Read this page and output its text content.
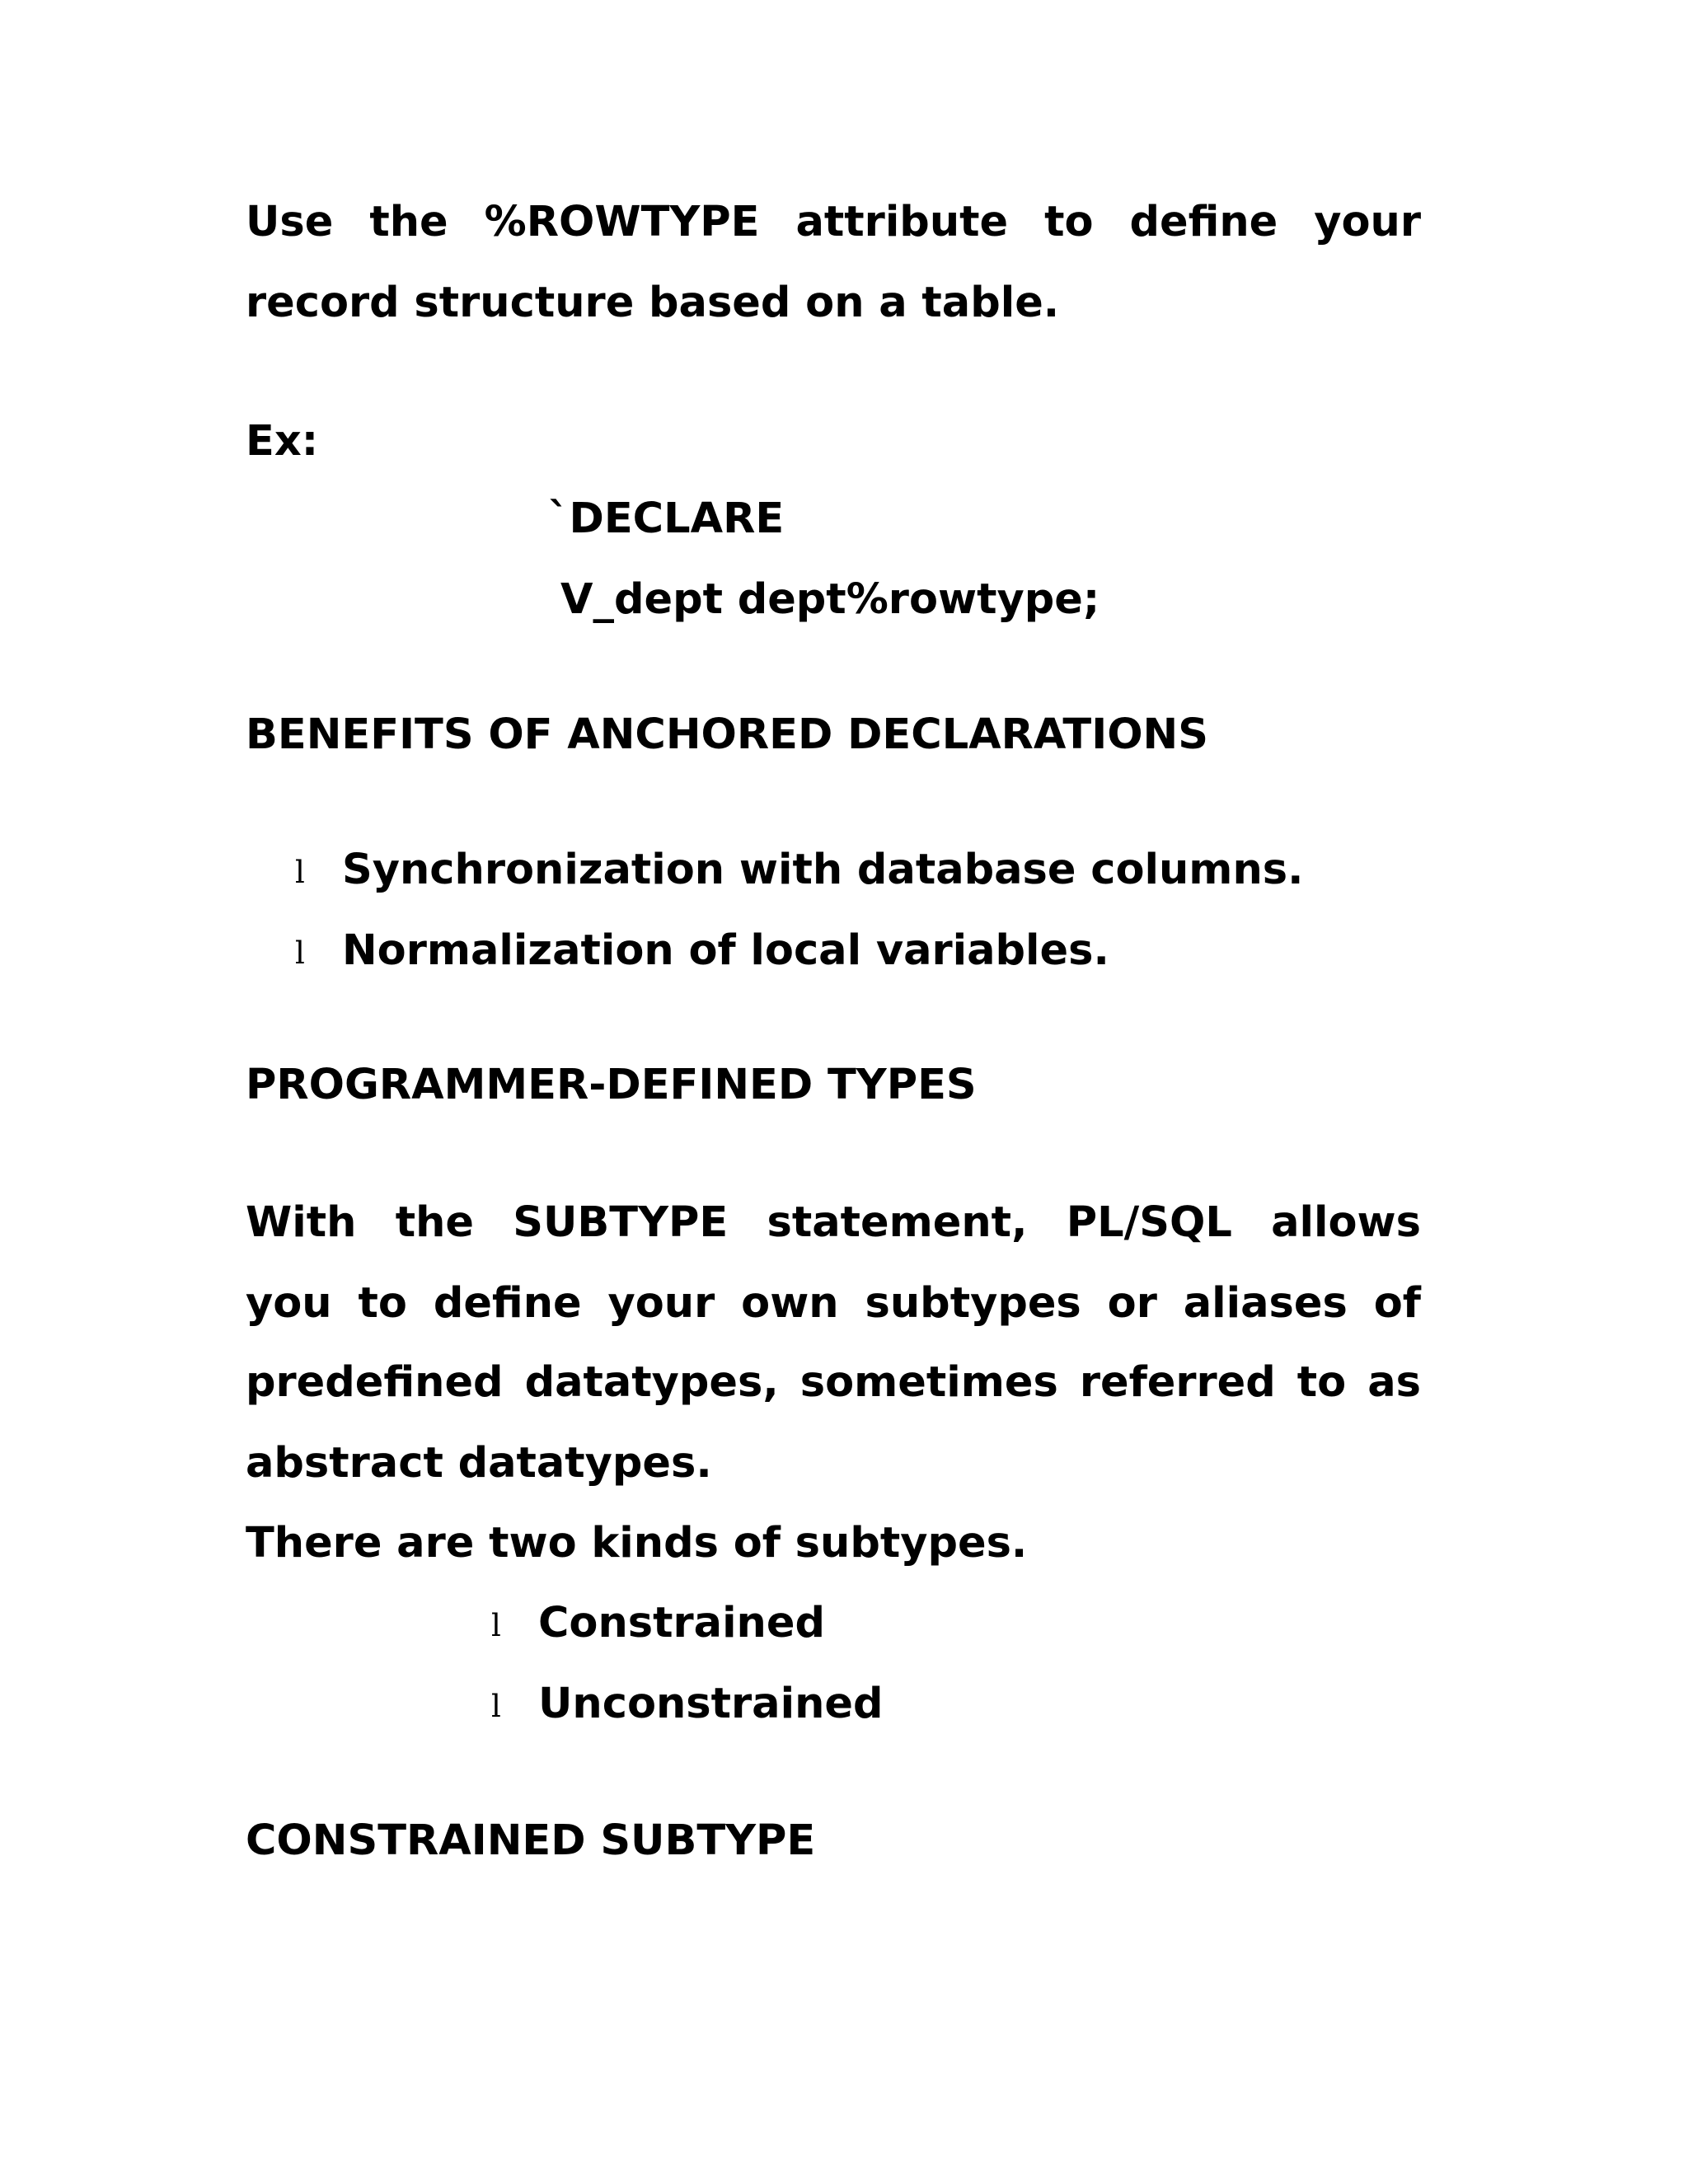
Use the %ROWTYPE attribute to define your
record structure based on a table.
Ex:
`DECLARE
V_dept dept%rowtype;
BENEFITS OF ANCHORED DECLARATIONS
l Synchronization with database columns.
l Normalization of local variables.
PROGRAMMER-DEFINED TYPES
With the SUBTYPE statement, PL/SQL allows
you to define your own subtypes or aliases of
predefined datatypes, sometimes referred to as
abstract datatypes.
There are two kinds of subtypes.
l Constrained
l Unconstrained
CONSTRAINED SUBTYPE
